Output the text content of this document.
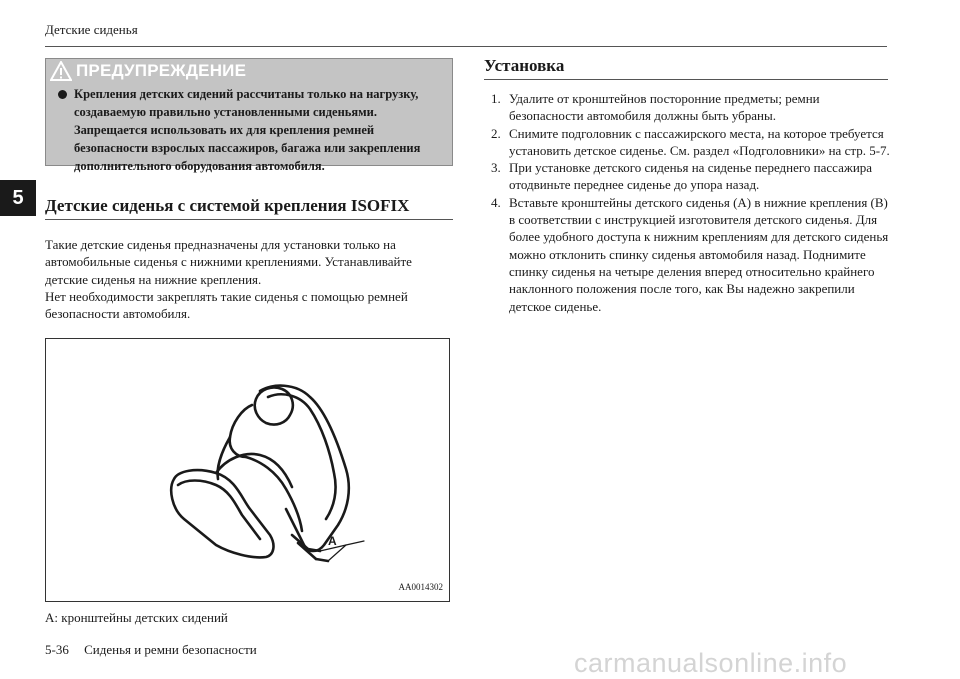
Детские сиденья
5
ПРЕДУПРЕЖДЕНИЕ
Крепления детских сидений рассчитаны только на нагрузку, создаваемую правильно установленными сиденьями. Запрещается использовать их для крепления ремней безопасности взрослых пассажиров, багажа или закрепления дополнительного оборудования автомобиля.
Детские сиденья с системой крепления ISOFIX
Такие детские сиденья предназначены для установки только на автомобильные сиденья с нижними креплениями. Устанавливайте детские сиденья на нижние крепления.
Нет необходимости закреплять такие сиденья с помощью ремней безопасности автомобиля.
A
AA0014302
A: кронштейны детских сидений
Установка
1. Удалите от кронштейнов посторонние предметы; ремни безопасности автомобиля должны быть убраны.
2. Снимите подголовник с пассажирского места, на которое требуется установить детское сиденье. См. раздел «Подголовники» на стр. 5-7.
3. При установке детского сиденья на сиденье переднего пассажира отодвиньте переднее сиденье до упора назад.
4. Вставьте кронштейны детского сиденья (A) в нижние крепления (B) в соответствии с инструкцией изготовителя детского сиденья. Для более удобного доступа к нижним креплениям для детского сиденья можно отклонить спинку сиденья автомобиля назад. Поднимите спинку сиденья на четыре деления вперед относительно крайнего наклонного положения после того, как Вы надежно закрепили детское сиденье.
5-36 Сиденья и ремни безопасности	carmanualsonline.info
